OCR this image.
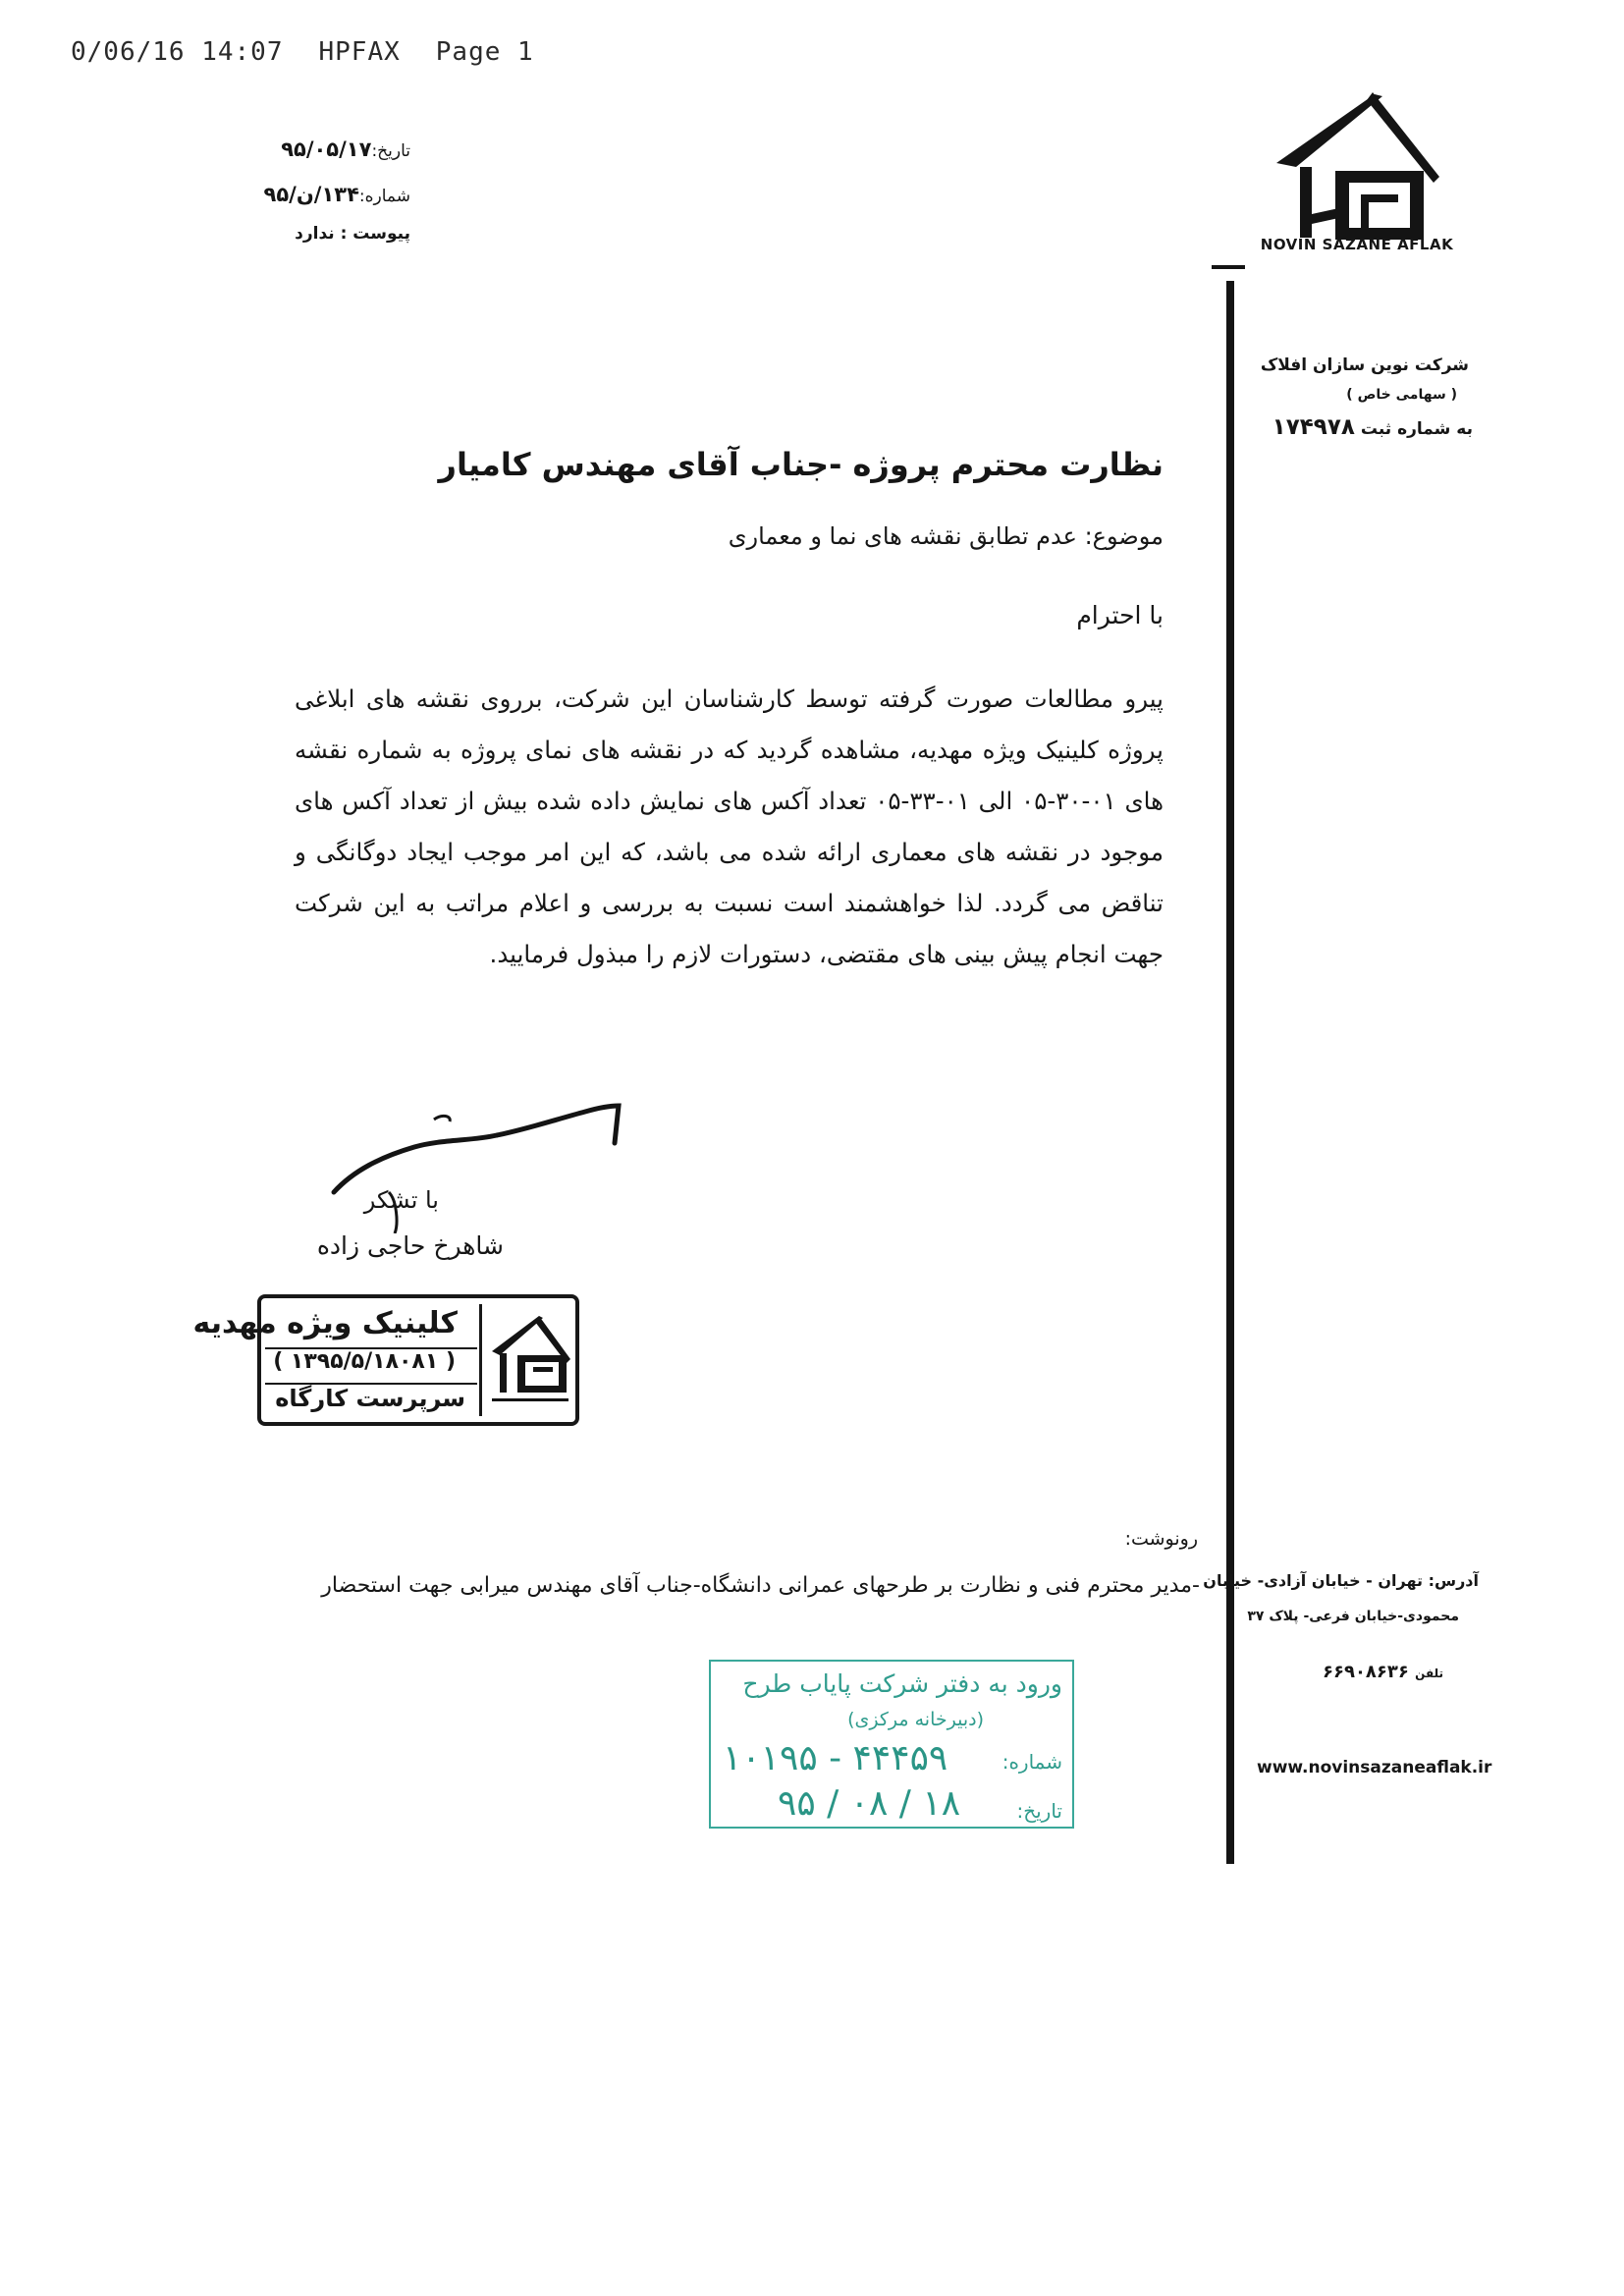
0/06/16 14:07 HPFAX Page 1
تاریخ:۹۵/۰۵/۱۷
شماره:۱۳۴/ن/۹۵
پیوست : ندارد
NOVIN SAZANE AFLAK
شرکت نوین سازان افلاک
( سهامی خاص )
به شماره ثبت ۱۷۴۹۷۸
نظارت محترم پروژه -جناب آقای مهندس کامیار
موضوع: عدم تطابق نقشه های نما و معماری
با احترام
پیرو مطالعات صورت گرفته توسط کارشناسان این شرکت، برروی نقشه های ابلاغی پروژه کلینیک ویژه مهدیه، مشاهده گردید که در نقشه های نمای پروژه به شماره نقشه های ۰۱-۳۰-۰۵ الی ۰۱-۳۳-۰۵ تعداد آکس های نمایش داده شده بیش از تعداد آکس های موجود در نقشه های معماری ارائه شده می باشد، که این امر موجب ایجاد دوگانگی و تناقض می گردد. لذا خواهشمند است نسبت به بررسی و اعلام مراتب به این شرکت جهت انجام پیش بینی های مقتضی، دستورات لازم را مبذول فرمایید.
با تشکر
شاهرخ حاجی زاده
کلینیک ویژه مهدیه
( ۱۳۹۵/۵/۱۸۰۸۱ )
سرپرست کارگاه
رونوشت:
-مدیر محترم فنی و نظارت بر طرحهای عمرانی دانشگاه-جناب آقای مهندس میرابی جهت استحضار آدرس: تهران - خیابان آزادی- خیابان
محمودی-خیابان فرعی- پلاک ۳۷
تلفن ۶۶۹۰۸۶۳۶
www.novinsazaneaflak.ir
ورود به دفتر شرکت پایاب طرح
(دبیرخانه مرکزی)
شماره:
۱۰۱۹۵ - ۴۴۴۵۹
تاریخ:
۹۵ / ۰۸ / ۱۸
